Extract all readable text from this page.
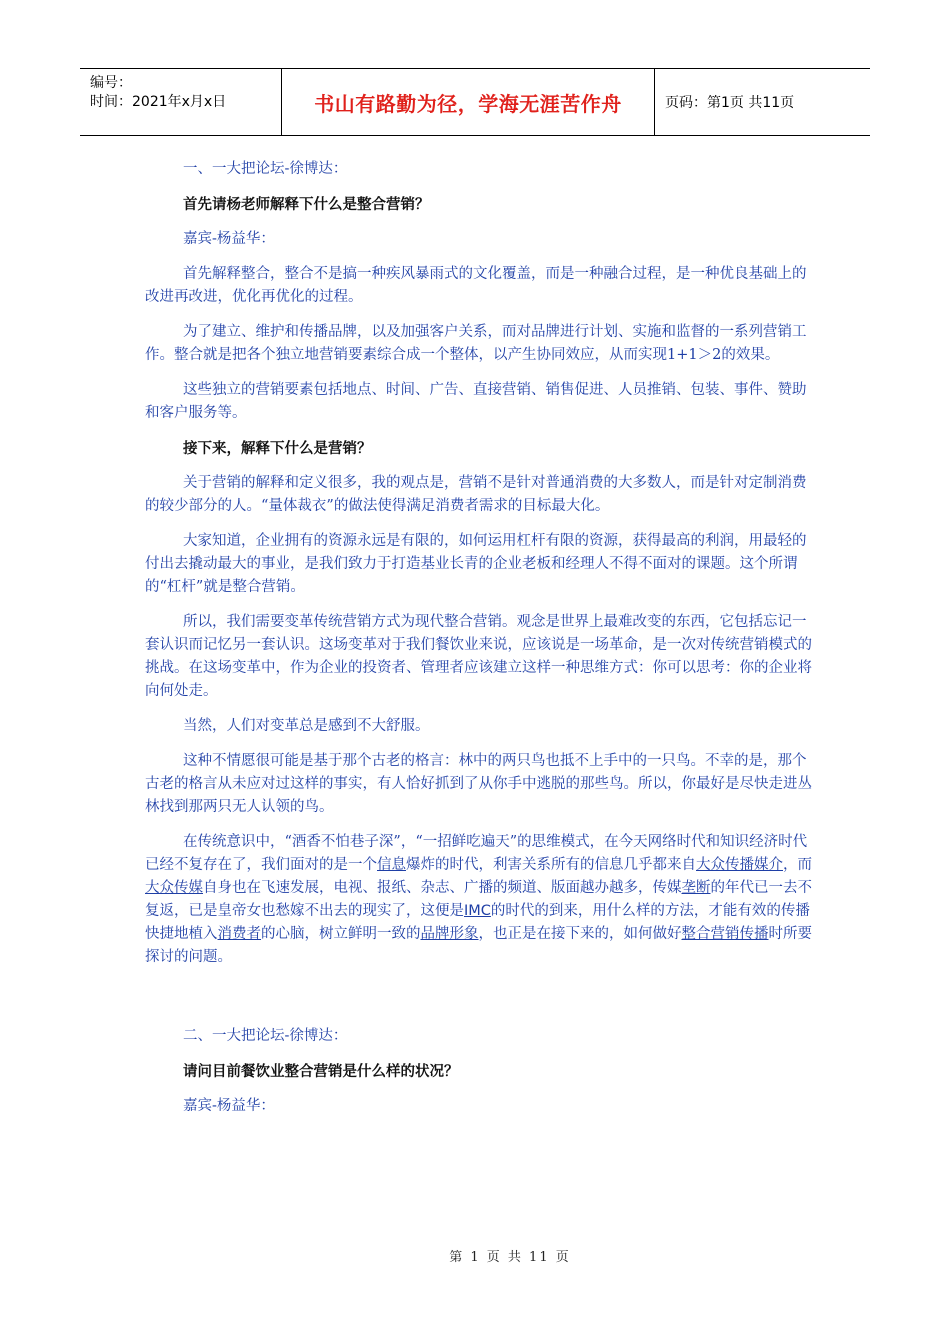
编号：
时间：2021年x月x日	书山有路勤为径，学海无涯苦作舟	页码：第1页 共11页

一、一大把论坛-徐博达：

首先请杨老师解释下什么是整合营销？

嘉宾-杨益华：

首先解释整合，整合不是搞一种疾风暴雨式的文化覆盖，而是一种融合过程，是一种优良基础上的改进再改进，优化再优化的过程。

为了建立、维护和传播品牌，以及加强客户关系，而对品牌进行计划、实施和监督的一系列营销工作。整合就是把各个独立地营销要素综合成一个整体，以产生协同效应，从而实现1+1＞2的效果。

这些独立的营销要素包括地点、时间、广告、直接营销、销售促进、人员推销、包装、事件、赞助和客户服务等。

接下来，解释下什么是营销？

关于营销的解释和定义很多，我的观点是，营销不是针对普通消费的大多数人，而是针对定制消费的较少部分的人。“量体裁衣”的做法使得满足消费者需求的目标最大化。

大家知道，企业拥有的资源永远是有限的，如何运用杠杆有限的资源，获得最高的利润，用最轻的付出去撬动最大的事业，是我们致力于打造基业长青的企业老板和经理人不得不面对的课题。这个所谓的“杠杆”就是整合营销。

所以，我们需要变革传统营销方式为现代整合营销。观念是世界上最难改变的东西，它包括忘记一套认识而记忆另一套认识。这场变革对于我们餐饮业来说，应该说是一场革命，是一次对传统营销模式的挑战。在这场变革中，作为企业的投资者、管理者应该建立这样一种思维方式：你可以思考：你的企业将向何处走。

当然，人们对变革总是感到不大舒服。

这种不情愿很可能是基于那个古老的格言：林中的两只鸟也抵不上手中的一只鸟。不幸的是，那个古老的格言从未应对过这样的事实，有人恰好抓到了从你手中逃脱的那些鸟。所以，你最好是尽快走进丛林找到那两只无人认领的鸟。

在传统意识中，“酒香不怕巷子深”，“一招鲜吃遍天”的思维模式，在今天网络时代和知识经济时代已经不复存在了，我们面对的是一个信息爆炸的时代，利害关系所有的信息几乎都来自大众传播媒介，而大众传媒自身也在飞速发展，电视、报纸、杂志、广播的频道、版面越办越多，传媒垄断的年代已一去不复返，已是皇帝女也愁嫁不出去的现实了，这便是IMC的时代的到来，用什么样的方法，才能有效的传播快捷地植入消费者的心脑，树立鲜明一致的品牌形象，也正是在接下来的，如何做好整合营销传播时所要探讨的问题。

二、一大把论坛-徐博达：

请问目前餐饮业整合营销是什么样的状况？

嘉宾-杨益华：

第 1 页 共 11 页
